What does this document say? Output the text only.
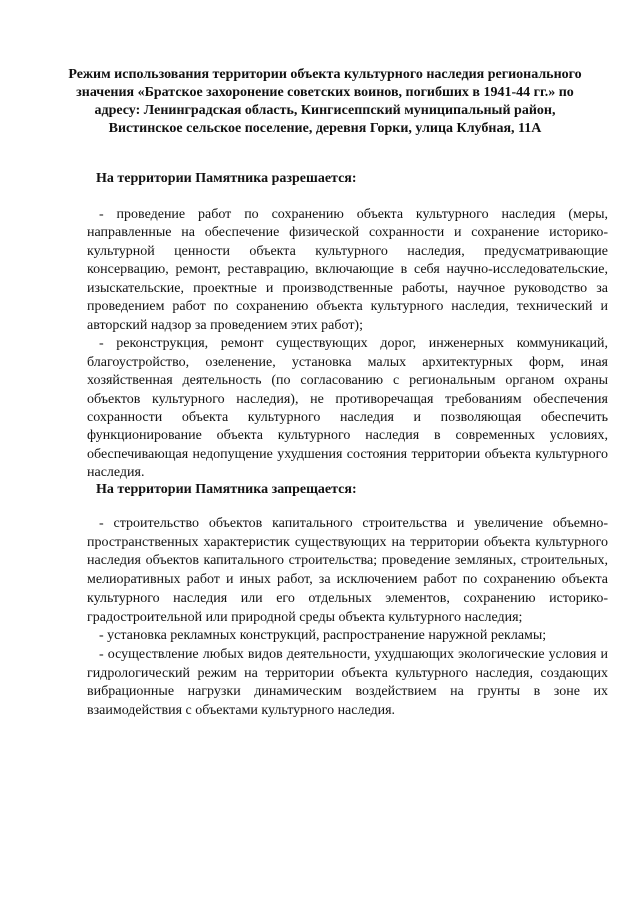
Режим использования территории объекта культурного наследия регионального значения «Братское захоронение советских воинов, погибших в 1941-44 гг.» по адресу: Ленинградская область, Кингисеппский муниципальный район, Вистинское сельское поселение, деревня Горки, улица Клубная, 11А
На территории Памятника разрешается:

- проведение работ по сохранению объекта культурного наследия (меры, направленные на обеспечение физической сохранности и сохранение историко-культурной ценности объекта культурного наследия, предусматривающие консервацию, ремонт, реставрацию, включающие в себя научно-исследовательские, изыскательские, проектные и производственные работы, научное руководство за проведением работ по сохранению объекта культурного наследия, технический и авторский надзор за проведением этих работ);

- реконструкция, ремонт существующих дорог, инженерных коммуникаций, благоустройство, озеленение, установка малых архитектурных форм, иная хозяйственная деятельность (по согласованию с региональным органом охраны объектов культурного наследия), не противоречащая требованиям обеспечения сохранности объекта культурного наследия и позволяющая обеспечить функционирование объекта культурного наследия в современных условиях, обеспечивающая недопущение ухудшения состояния территории объекта культурного наследия.

На территории Памятника запрещается:

- строительство объектов капитального строительства и увеличение объемно-пространственных характеристик существующих на территории объекта культурного наследия объектов капитального строительства; проведение земляных, строительных, мелиоративных работ и иных работ, за исключением работ по сохранению объекта культурного наследия или его отдельных элементов, сохранению историко-градостроительной или природной среды объекта культурного наследия;

- установка рекламных конструкций, распространение наружной рекламы;

- осуществление любых видов деятельности, ухудшающих экологические условия и гидрологический режим на территории объекта культурного наследия, создающих вибрационные нагрузки динамическим воздействием на грунты в зоне их взаимодействия с объектами культурного наследия.
